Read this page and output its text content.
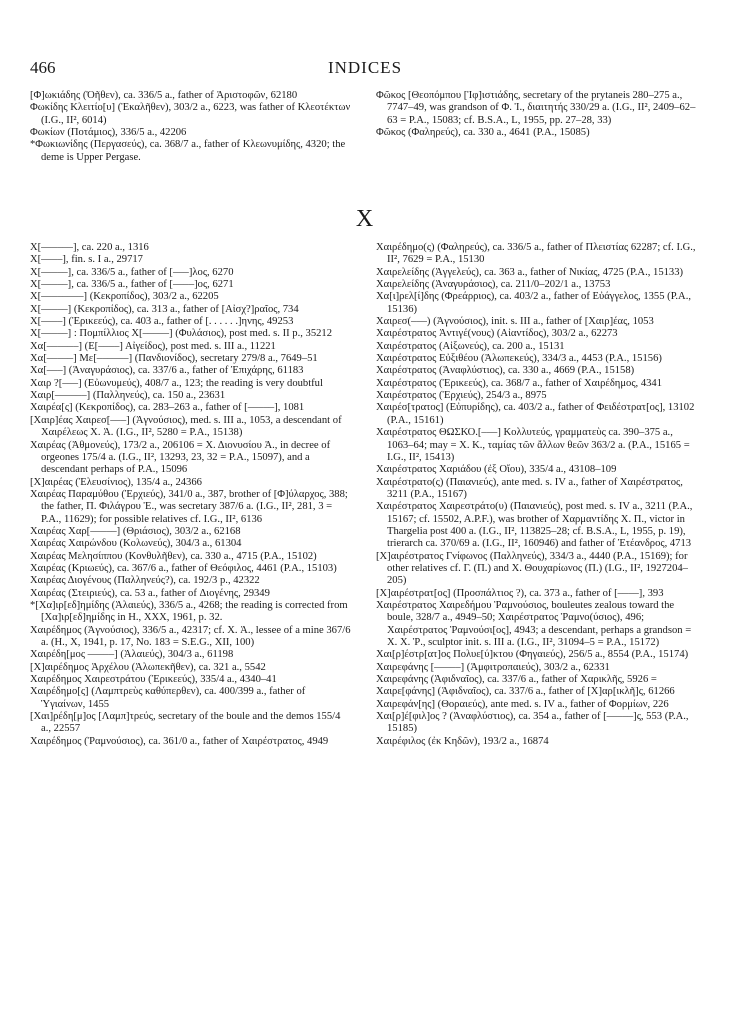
466	INDICES

[Φ]ωκιάδης (Ὀῆθεν), ca. 336/5 a., father of Ἀριστοφῶν, 62180

Φωκίδης Κλειτίο[υ] (Ἐκαλῆθεν), 303/2 a., 6223, was father of Κλεοτέκτων (I.G., II², 6014)

Φωκίων (Ποτάμιος), 336/5 a., 42206

*Φωκιωνίδης (Περγασεύς), ca. 368/7 a., father of Κλεωνυμίδης, 4320; the deme is Upper Pergase.

Φῶκος [Θεοπόμπου [Ἰφ]ιστιάδης, secretary of the prytaneis 280–275 a., 7747–49, was grandson of Φ. Ἰ., διαιτητής 330/29 a. (I.G., II², 2409–62–63 = P.A., 15083; cf. B.S.A., L, 1955, pp. 27–28, 33)

Φῶκος (Φαληρεύς), ca. 330 a., 4641 (P.A., 15085)

X

Χ[––––––], ca. 220 a., 1316

Χ[––––], fin. s. I a., 29717

Χ[–––––], ca. 336/5 a., father of [–––]λος, 6270

Χ[–––––], ca. 336/5 a., father of [––––]ος, 6271

Χ[––––––––] (Κεκροπίδος), 303/2 a., 62205

Χ[–––––] (Κεκροπίδος), ca. 313 a., father of [Αἰσχ?]ραῖος, 734

Χ[––––] (Ἐρικεεύς), ca. 403 a., father of [. . . . . .]ηνης, 49253

Χ[–––––] : Πομπίλλιος Χ[–––––] (Φυλάσιος), post med. s. II p., 35212

Χα[––––––] (Ε[––––] Αἰγείδος), post med. s. III a., 11221

Χα[–––––] Με[––––––] (Πανδιονίδος), secretary 279/8 a., 7649–51

Χα[–––] (Ἀναγυράσιος), ca. 337/6 a., father of Ἐπιχάρης, 61183

Χαιρ ?[–––] (Εὐωνυμεύς), 408/7 a., 123; the reading is very doubtful

Χαιρ[––––––] (Παλληνεύς), ca. 150 a., 23631

Χαιρέα[ς] (Κεκροπίδος), ca. 283–263 a., father of [–––––], 1081

[Χαιρ]έας Χαιρεσ[–––] (Ἀγνούσιος), med. s. III a., 1053, a descendant of Χαιρέλεως Χ. Ἀ. (I.G., II², 5280 = P.A., 15138)

Χαιρέας (Ἀθμονεύς), 173/2 a., 206106 = Χ. Διονυσίου Ἀ., in decree of orgeones 175/4 a. (I.G., II², 13293, 23, 32 = P.A., 15097), and a descendant perhaps of P.A., 15096

[Χ]αιρέας (Ἐλευσίνιος), 135/4 a., 24366

Χαιρέας Παραμύθου (Ἐρχιεύς), 341/0 a., 387, brother of [Φ]ύλαρχος, 388; the father, Π. Φιλάγρου Ἐ., was secretary 387/6 a. (I.G., II², 281, 3 = P.A., 11629); for possible relatives cf. I.G., II², 6136

Χαιρέας Χαρ[–––––] (Θριάσιος), 303/2 a., 62168

Χαιρέας Χαιρώνδου (Κολωνεύς), 304/3 a., 61304

Χαιρέας Μελησίππου (Κονθυλῆθεν), ca. 330 a., 4715 (P.A., 15102)

Χαιρέας (Κριωεύς), ca. 367/6 a., father of Θεόφιλος, 4461 (P.A., 15103)

Χαιρέας Διογένους (Παλληνεύς?), ca. 192/3 p., 42322

Χαιρέας (Στειριεύς), ca. 53 a., father of Διογένης, 29349

*[Χα]ιρ[εδ]ημίδης (Ἁλαιεύς), 336/5 a., 4268; the reading is corrected from [Χα]ιρ[εδ]ημίδης in H., XXX, 1961, p. 32.

Χαιρέδημος (Ἀγνούσιος), 336/5 a., 42317; cf. Χ. Ἀ., lessee of a mine 367/6 a. (H., X, 1941, p. 17, No. 183 = S.E.G., XII, 100)

Χαιρέδη[μος –––––] (Ἁλαιεύς), 304/3 a., 61198

[Χ]αιρέδημος Ἀρχέλου (Ἀλωπεκῆθεν), ca. 321 a., 5542

Χαιρέδημος Χαιρεστράτου (Ἐρικεεύς), 335/4 a., 4340–41

Χαιρέδημο[ς] (Λαμπτρεὺς καθύπερθεν), ca. 400/399 a., father of Ὑγιαίνων, 1455

[Χαι]ρέδη[μ]ος [Λαμπ]τρεύς, secretary of the boule and the demos 155/4 a., 22557

Χαιρέδημος (Ῥαμνούσιος), ca. 361/0 a., father of Χαιρέστρατος, 4949

Χαιρέδημο(ς) (Φαληρεύς), ca. 336/5 a., father of Πλειστίας 62287; cf. I.G., II², 7629 = P.A., 15130

Χαιρελείδης (Ἀγγελεύς), ca. 363 a., father of Νικίας, 4725 (P.A., 15133)

Χαιρελείδης (Ἀναγυράσιος), ca. 211/0–202/1 a., 13753

Χα[ι]ρελ[ί]δης (Φρεάρριος), ca. 403/2 a., father of Εὐάγγελος, 1355 (P.A., 15136)

Χαιρεσ(–––) (Ἀγνούσιος), init. s. III a., father of [Χαιρ]έας, 1053

Χαιρέστρατος Ἀντιγέ(νους) (Αἰαντίδος), 303/2 a., 62273

Χαιρέστρατος (Αἰξωνεύς), ca. 200 a., 15131

Χαιρέστρατος Εὐξιθέου (Ἀλωπεκεύς), 334/3 a., 4453 (P.A., 15156)

Χαιρέστρατος (Ἀναφλύστιος), ca. 330 a., 4669 (P.A., 15158)

Χαιρέστρατος (Ἐρικεεύς), ca. 368/7 a., father of Χαιρέδημος, 4341

Χαιρέστρατος (Ἐρχιεύς), 254/3 a., 8975

Χαιρέσ[τρατος] (Εὐπυρίδης), ca. 403/2 a., father of Φειδέστρατ[ος], 13102 (P.A., 15161)

Χαιρέστρατος ΘΩΣΚΟ.[–––] Κολλυτεύς, γραμματεὺς ca. 390–375 a., 1063–64; may = Χ. Κ., ταμίας τῶν ἄλλων θεῶν 363/2 a. (P.A., 15165 = I.G., II², 15413)

Χαιρέστρατος Χαριάδου (ἐξ Οἴου), 335/4 a., 43108–109

Χαιρέστρατο(ς) (Παιανιεύς), ante med. s. IV a., father of Χαιρέστρατος, 3211 (P.A., 15167)

Χαιρέστρατος Χαιρεστράτο(υ) (Παιανιεύς), post med. s. IV a., 3211 (P.A., 15167; cf. 15502, A.P.F.), was brother of Χαρμαντίδης Χ. Π., victor in Thargelia post 400 a. (I.G., II², 113825–28; cf. B.S.A., L, 1955, p. 19), trierarch ca. 370/69 a. (I.G., II², 160946) and father of Ἐτέανδρος, 4713

[Χ]αιρέστρατος Γνίφωνος (Παλληνεύς), 334/3 a., 4440 (P.A., 15169); for other relatives cf. Γ. (Π.) and Χ. Θουχαρίωνος (Π.) (I.G., II², 1927204–205)

[Χ]αιρέστρατ[ος] (Προσπάλτιος ?), ca. 373 a., father of [––––], 393

Χαιρέστρατος Χαιρεδήμου Ῥαμνούσιος, bouleutes zealous toward the boule, 328/7 a., 4949–50; Χαιρέστρατος Ῥαμνο(ύσιος), 496; Χαιρέστρατος Ῥαμνούσι[ος], 4943; a descendant, perhaps a grandson = Χ. Χ. Ῥ., sculptor init. s. III a. (I.G., II², 31094–5 = P.A., 15172)

Χαι[ρ]έστρ[ατ]ος Πολυε[ύ]κτου (Φηγαιεύς), 256/5 a., 8554 (P.A., 15174)

Χαιρεφάνης [–––––] (Ἀμφιτροπαιεύς), 303/2 a., 62331

Χαιρεφάνης (Ἀφιδναῖος), ca. 337/6 a., father of Χαρικλῆς, 5926 =

Χαιρε[φάνης] (Ἀφιδναῖος), ca. 337/6 a., father of [Χ]αρ[ικλῆ]ς, 61266

Χαιρεφάν[ης] (Θοραιεύς), ante med. s. IV a., father of Φορμίων, 226

Χαι[ρ]έ[φιλ]ος ? (Ἀναφλύστιος), ca. 354 a., father of [–––––]ς, 553 (P.A., 15185)

Χαιρέφιλος (ἐκ Κηδῶν), 193/2 a., 16874
